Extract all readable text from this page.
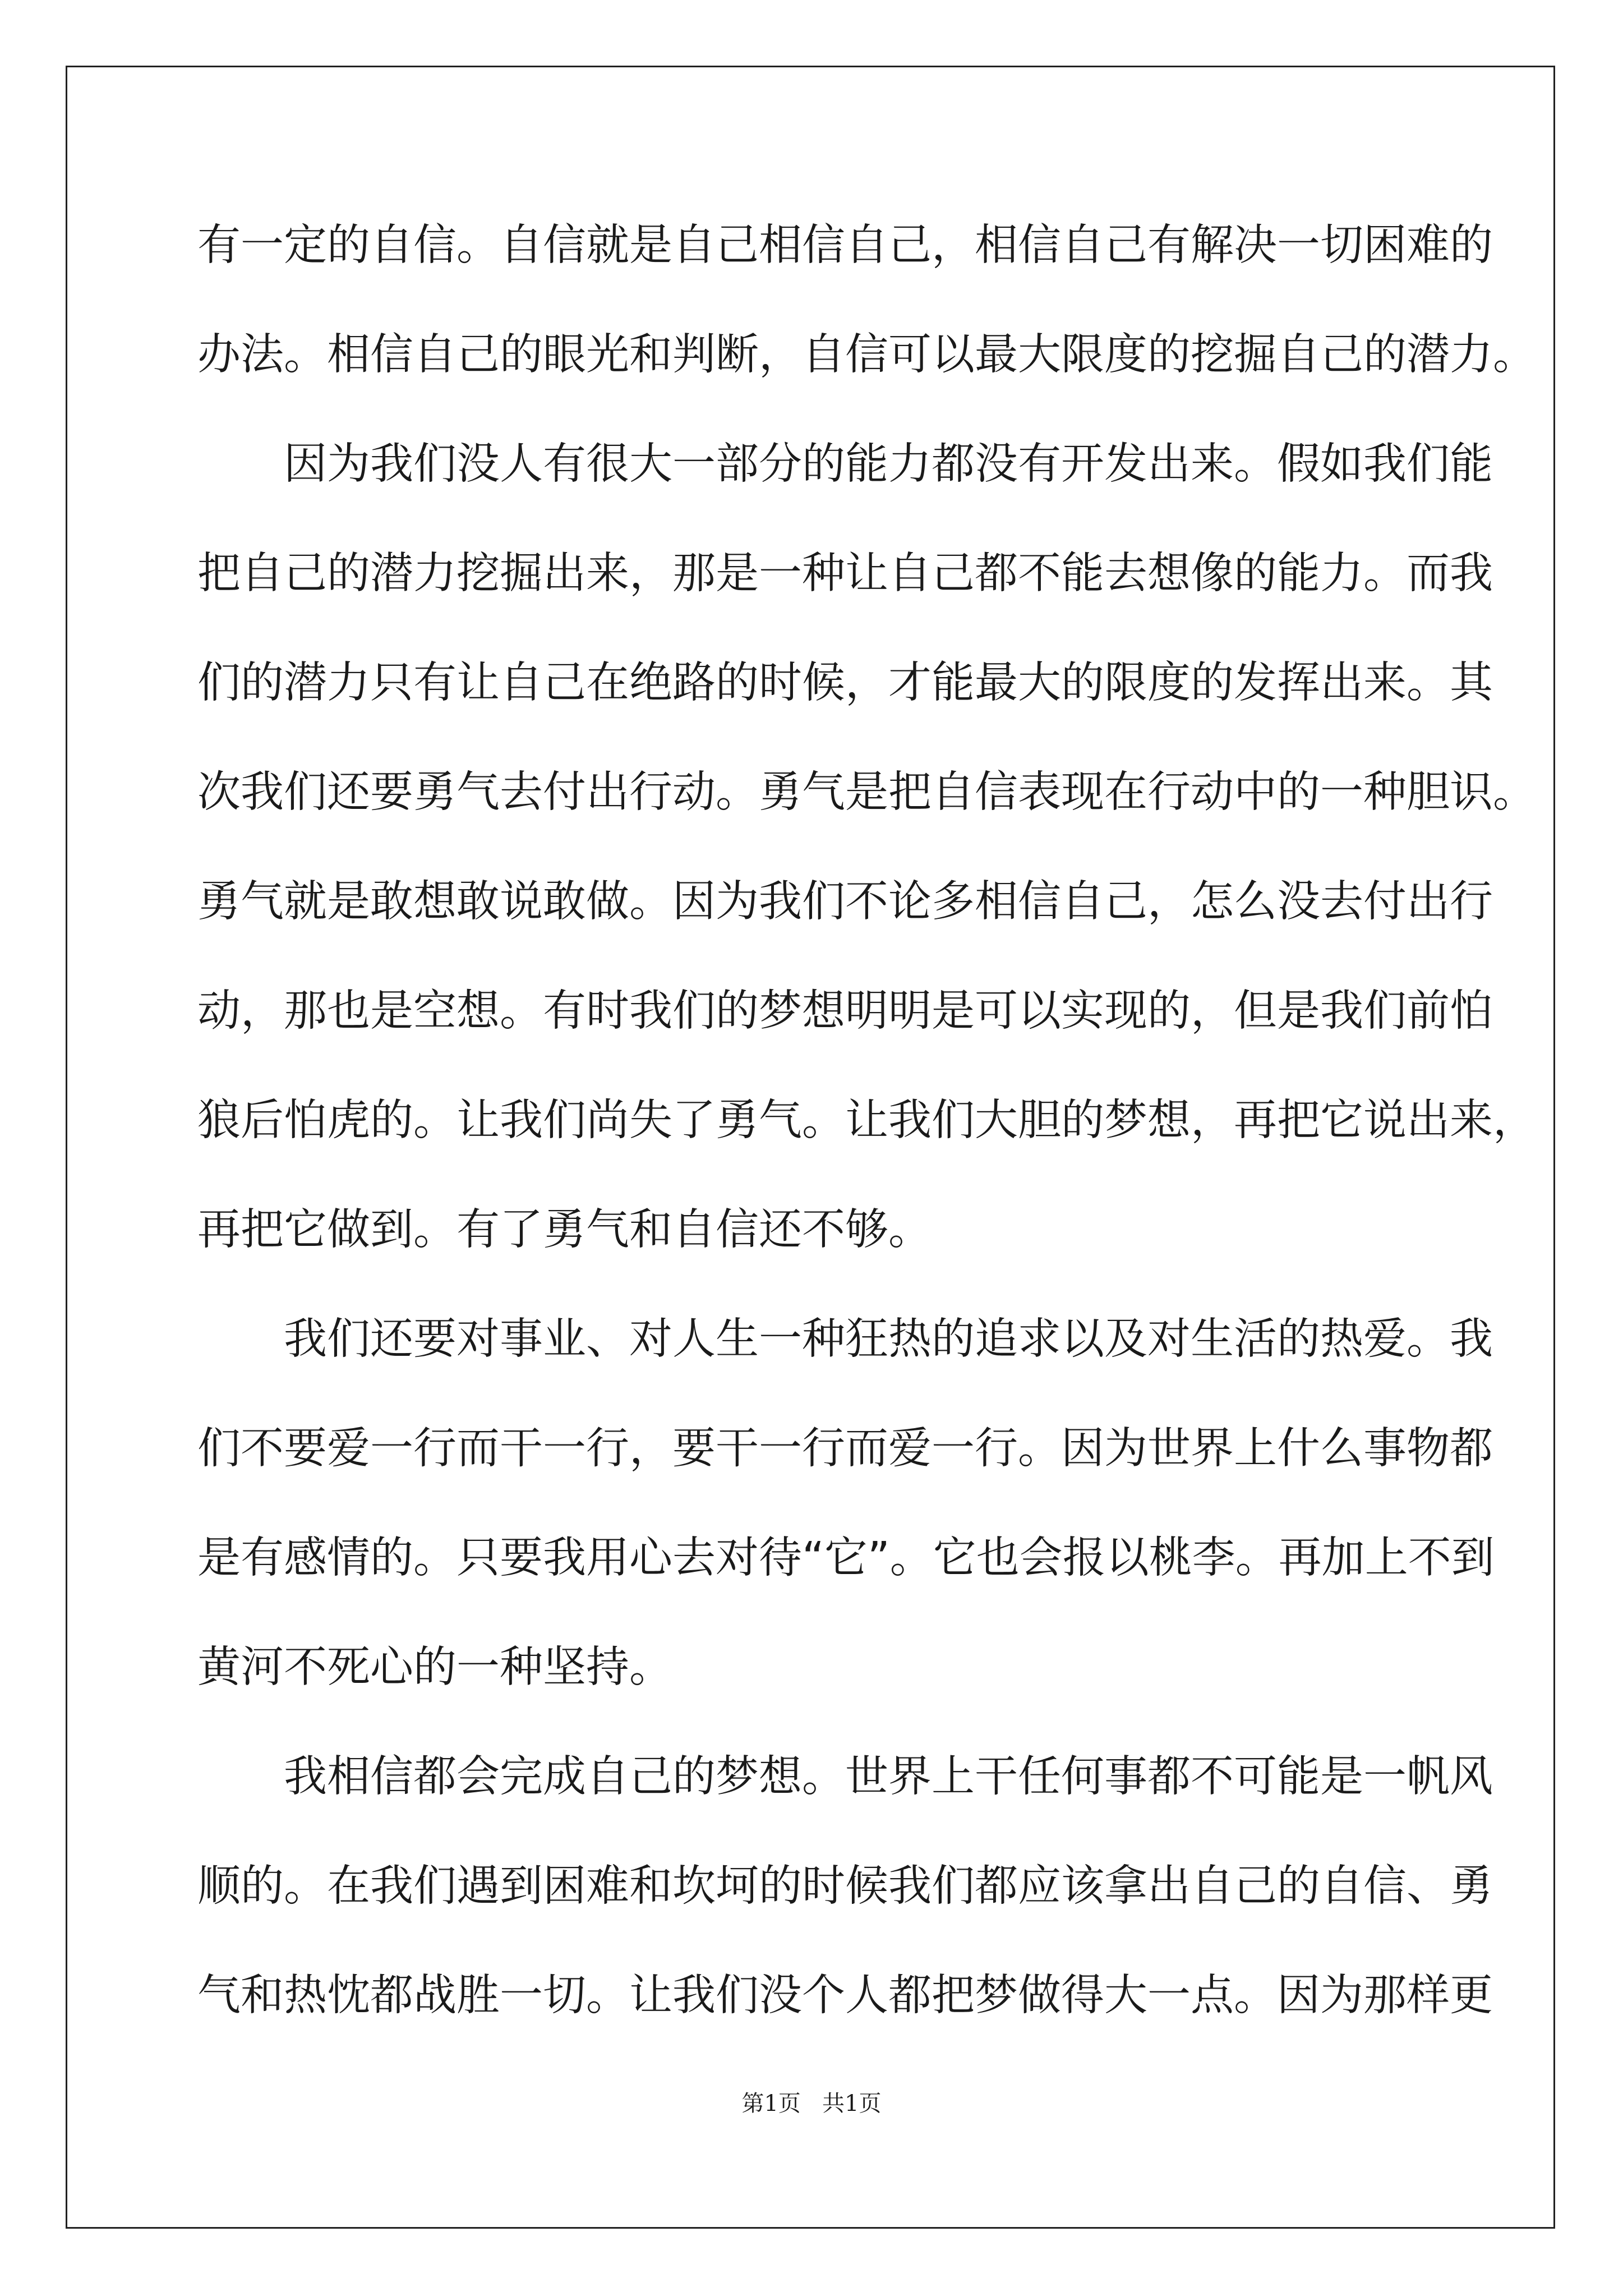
有一定的自信。自信就是自己相信自己，相信自己有解决一切困难的
办法。相信自己的眼光和判断，自信可以最大限度的挖掘自己的潜力。
因为我们没人有很大一部分的能力都没有开发出来。假如我们能
把自己的潜力挖掘出来，那是一种让自己都不能去想像的能力。而我
们的潜力只有让自己在绝路的时候，才能最大的限度的发挥出来。其
次我们还要勇气去付出行动。勇气是把自信表现在行动中的一种胆识。
勇气就是敢想敢说敢做。因为我们不论多相信自己，怎么没去付出行
动，那也是空想。有时我们的梦想明明是可以实现的，但是我们前怕
狼后怕虎的。让我们尚失了勇气。让我们大胆的梦想，再把它说出来，
再把它做到。有了勇气和自信还不够。
我们还要对事业、对人生一种狂热的追求以及对生活的热爱。我
们不要爱一行而干一行，要干一行而爱一行。因为世界上什么事物都
是有感情的。只要我用心去对待“它”。它也会报以桃李。再加上不到
黄河不死心的一种坚持。
我相信都会完成自己的梦想。世界上干任何事都不可能是一帆风
顺的。在我们遇到困难和坎坷的时候我们都应该拿出自己的自信、勇
气和热忱都战胜一切。让我们没个人都把梦做得大一点。因为那样更
第1页   共1页
